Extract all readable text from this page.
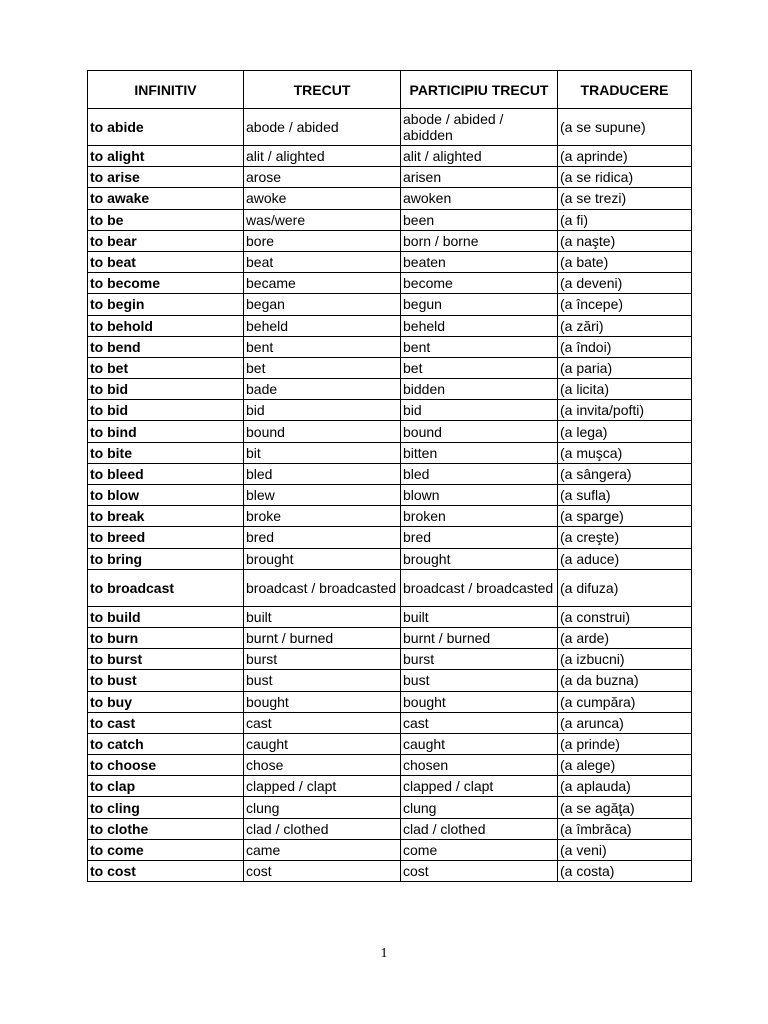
INFINITIV	TRECUT	PARTICIPIU TRECUT	TRADUCERE
to abide	abode / abided	abode / abided / abidden	(a se supune)
to alight	alit / alighted	alit / alighted	(a aprinde)
to arise	arose	arisen	(a se ridica)
to awake	awoke	awoken	(a se trezi)
to be	was/were	been	(a fi)
to bear	bore	born / borne	(a naşte)
to beat	beat	beaten	(a bate)
to become	became	become	(a deveni)
to begin	began	begun	(a începe)
to behold	beheld	beheld	(a zări)
to bend	bent	bent	(a îndoi)
to bet	bet	bet	(a paria)
to bid	bade	bidden	(a licita)
to bid	bid	bid	(a invita/pofti)
to bind	bound	bound	(a lega)
to bite	bit	bitten	(a muşca)
to bleed	bled	bled	(a sângera)
to blow	blew	blown	(a sufla)
to break	broke	broken	(a sparge)
to breed	bred	bred	(a creşte)
to bring	brought	brought	(a aduce)
to broadcast	broadcast / broadcasted	broadcast / broadcasted	(a difuza)
to build	built	built	(a construi)
to burn	burnt / burned	burnt / burned	(a arde)
to burst	burst	burst	(a izbucni)
to bust	bust	bust	(a da buzna)
to buy	bought	bought	(a cumpăra)
to cast	cast	cast	(a arunca)
to catch	caught	caught	(a prinde)
to choose	chose	chosen	(a alege)
to clap	clapped / clapt	clapped / clapt	(a aplauda)
to cling	clung	clung	(a se agăţa)
to clothe	clad / clothed	clad / clothed	(a îmbrăca)
to come	came	come	(a veni)
to cost	cost	cost	(a costa)
1
